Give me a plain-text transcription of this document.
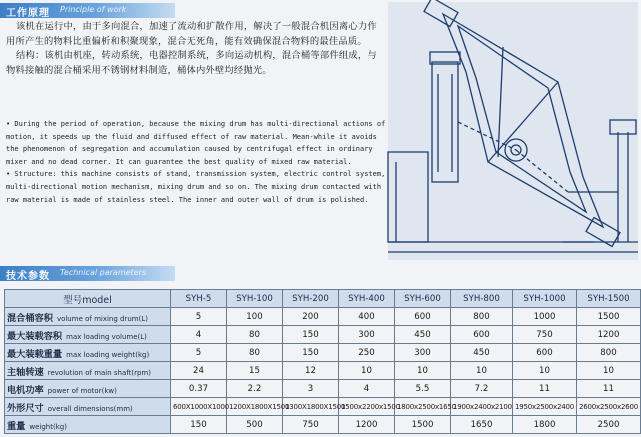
工作原理 Principle of work

该机在运行中，由于多向混合，加速了流动和扩散作用，解决了一般混合机因离心力作用所产生的物料比重偏析和积聚现象，混合无死角，能有效确保混合物料的最佳品质。

结构：该机由机座，转动系统，电器控制系统，多向运动机构，混合桶等部件组成，与物料接触的混合桶采用不锈钢材料制造，桶体内外壁均经抛光。

• During the period of operation, because the mixing drum has multi-directional actions of motion, it speeds up the fluid and diffused effect of raw material. Mean-while it avoids the phenomenon of segregation and accumulation caused by centrifugal effect in ordinary mixer and no dead corner. It can guarantee the best quality of mixed raw material.

• Structure: this machine consists of stand, transmission system, electric control system, multi-directional motion mechanism, mixing drum and so on. The mixing drum contacted with raw material is made of stainless steel. The inner and outer wall of drum is polished.

技术参数 Technical parameters
型号model	SYH-5	SYH-100	SYH-200	SYH-400	SYH-600	SYH-800	SYH-1000	SYH-1500
混合桶容积 volume of mixing drum(L)	5	100	200	400	600	800	1000	1500
最大装载容积 max loading volume(L)	4	80	150	300	450	600	750	1200
最大装载重量 max loading weight(kg)	5	80	150	250	300	450	600	800
主轴转速 revolution of main shaft(rpm)	24	15	12	10	10	10	10	10
电机功率 power of motor(kw)	0.37	2.2	3	4	5.5	7.2	11	11
外形尺寸 overall dimensions(mm)	600X1000X1000	1200X1800X1500	1300X1800X1500	1500x2200x1500	1800x2500x1650	1900x2400x2100	1950x2500x2400	2600x2500x2600
重量 weight(kg)	150	500	750	1200	1500	1650	1800	2500
